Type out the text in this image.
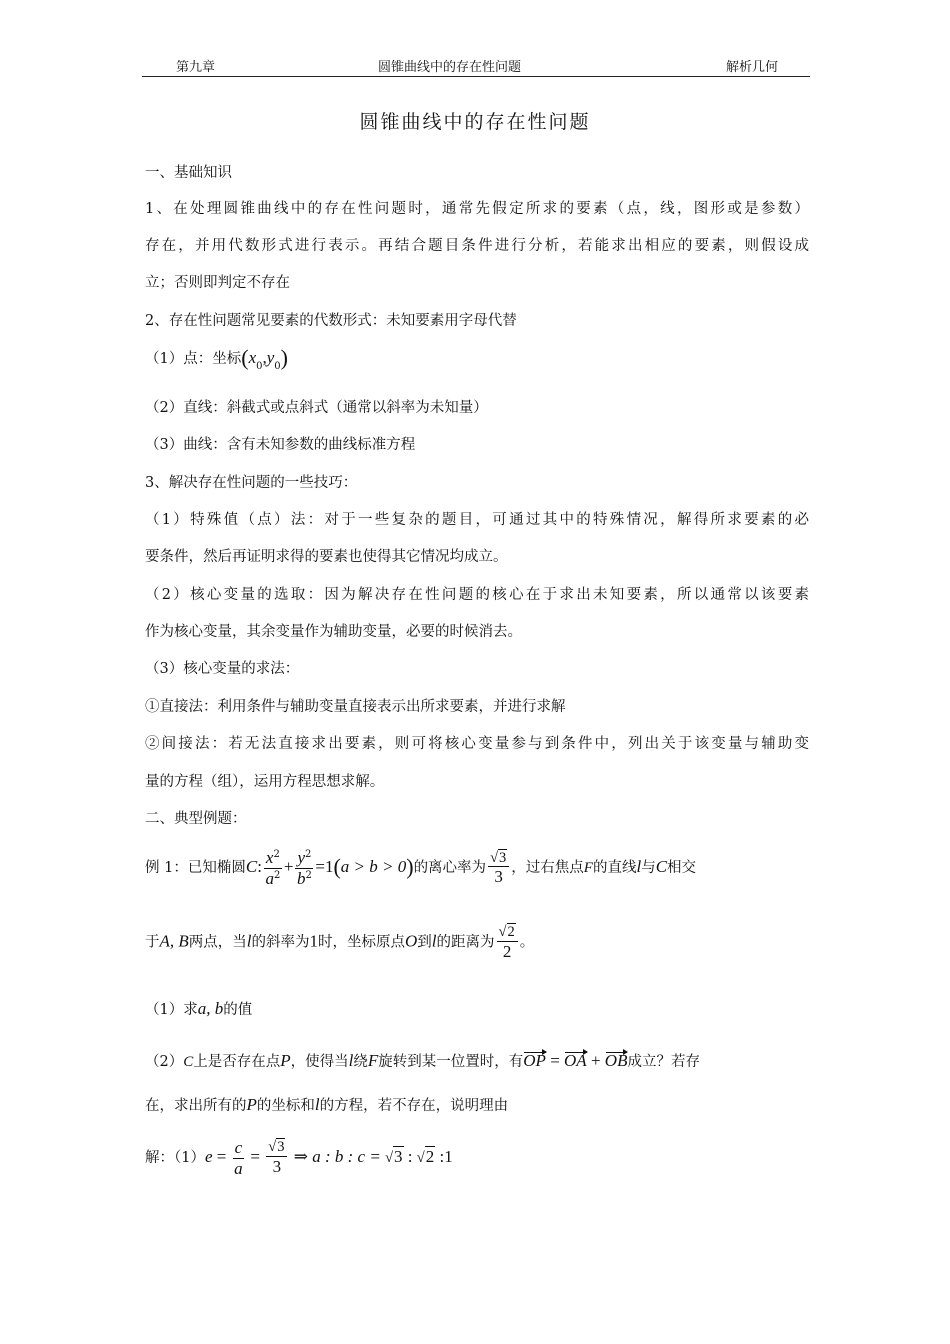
第九章	圆锥曲线中的存在性问题	解析几何
圆锥曲线中的存在性问题
一、基础知识
1、在处理圆锥曲线中的存在性问题时，通常先假定所求的要素（点，线，图形或是参数）
存在，并用代数形式进行表示。再结合题目条件进行分析，若能求出相应的要素，则假设成
立；否则即判定不存在
2、存在性问题常见要素的代数形式：未知要素用字母代替
（1）点：坐标$(x_0,y_0)$
（2）直线：斜截式或点斜式（通常以斜率为未知量）
（3）曲线：含有未知参数的曲线标准方程
3、解决存在性问题的一些技巧：
（1）特殊值（点）法：对于一些复杂的题目，可通过其中的特殊情况，解得所求要素的必
要条件，然后再证明求得的要素也使得其它情况均成立。
（2）核心变量的选取：因为解决存在性问题的核心在于求出未知要素，所以通常以该要素
作为核心变量，其余变量作为辅助变量，必要的时候消去。
（3）核心变量的求法：
①直接法：利用条件与辅助变量直接表示出所求要素，并进行求解
②间接法：若无法直接求出要素，则可将核心变量参与到条件中，列出关于该变量与辅助变
量的方程（组），运用方程思想求解。
二、典型例题：
例 1：已知椭圆C: $\frac{x^2}{a^2} + \frac{y^2}{b^2} =1(a > b > 0)$的离心率为 $\frac{√3}{3}$ ，过右焦点F的直线l与C相交
于A, B两点，当l的斜率为1时，坐标原点O到l的距离为 $\frac{√2}{2}$ 。
（1）求a, b的值
（2）C上是否存在点P，使得当l绕F旋转到某一位置时，有OP = OA + OB成立？若存
在，求出所有的P的坐标和l的方程，若不存在，说明理由
解：$(1)e = \frac{c}{a} = \frac{√3}{3}$ ⇒ a : b : c = √3 : √2 :1
